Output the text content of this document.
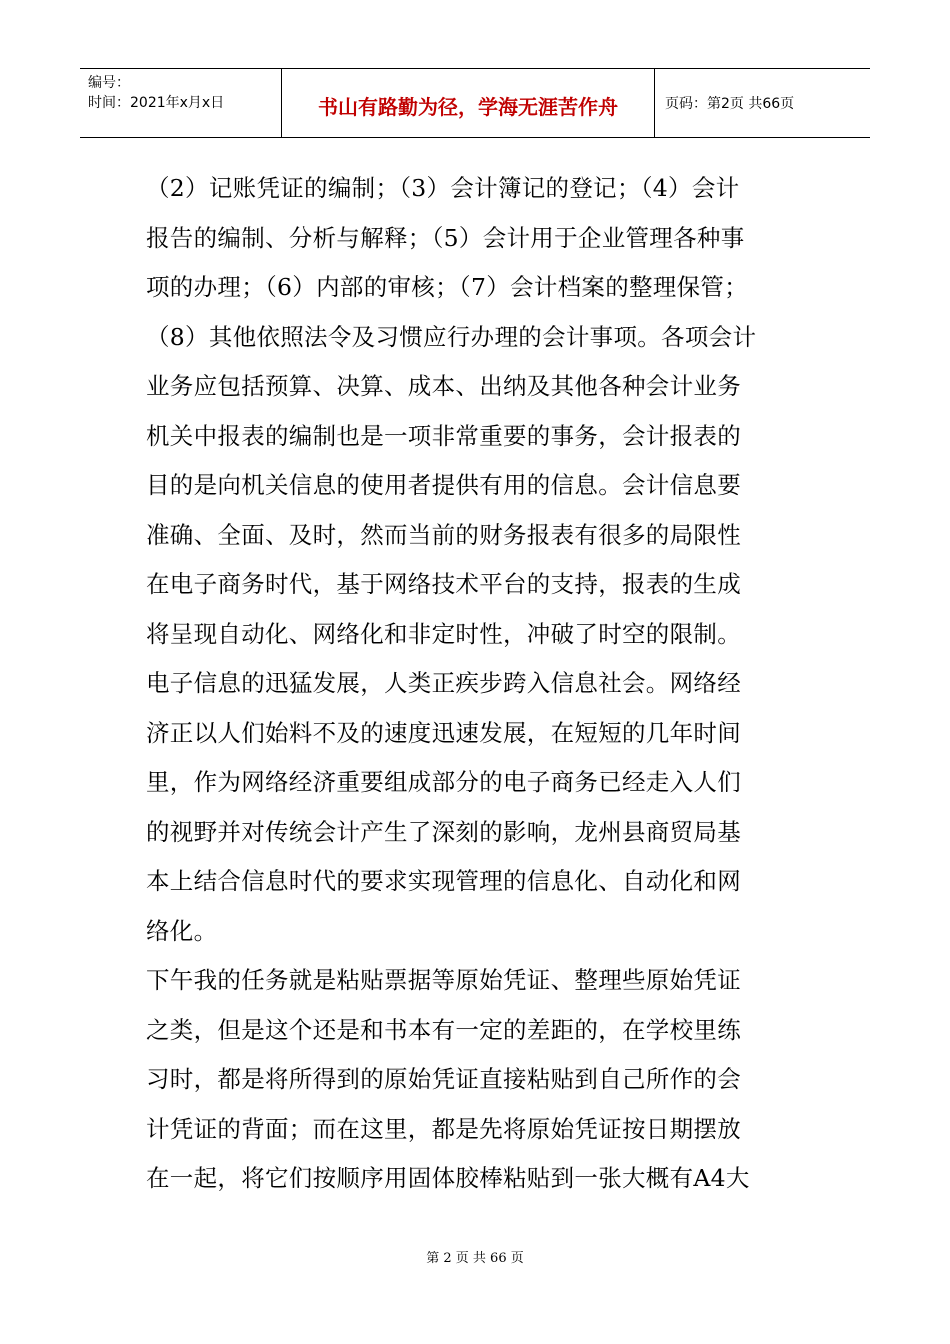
编号：
时间：2021年x月x日	书山有路勤为径，学海无涯苦作舟	页码：第2页 共66页
（2）记账凭证的编制；（3）会计簿记的登记；（4）会计
报告的编制、分析与解释；（5）会计用于企业管理各种事
项的办理；（6）内部的审核；（7）会计档案的整理保管；
（8）其他依照法令及习惯应行办理的会计事项。各项会计
业务应包括预算、决算、成本、出纳及其他各种会计业务
机关中报表的编制也是一项非常重要的事务，会计报表的
目的是向机关信息的使用者提供有用的信息。会计信息要
准确、全面、及时，然而当前的财务报表有很多的局限性
在电子商务时代，基于网络技术平台的支持，报表的生成
将呈现自动化、网络化和非定时性，冲破了时空的限制。
电子信息的迅猛发展，人类正疾步跨入信息社会。网络经
济正以人们始料不及的速度迅速发展，在短短的几年时间
里，作为网络经济重要组成部分的电子商务已经走入人们
的视野并对传统会计产生了深刻的影响，龙州县商贸局基
本上结合信息时代的要求实现管理的信息化、自动化和网
络化。
下午我的任务就是粘贴票据等原始凭证、整理些原始凭证
之类，但是这个还是和书本有一定的差距的，在学校里练
习时，都是将所得到的原始凭证直接粘贴到自己所作的会
计凭证的背面；而在这里，都是先将原始凭证按日期摆放
在一起，将它们按顺序用固体胶棒粘贴到一张大概有A4大
第 2 页 共 66 页
